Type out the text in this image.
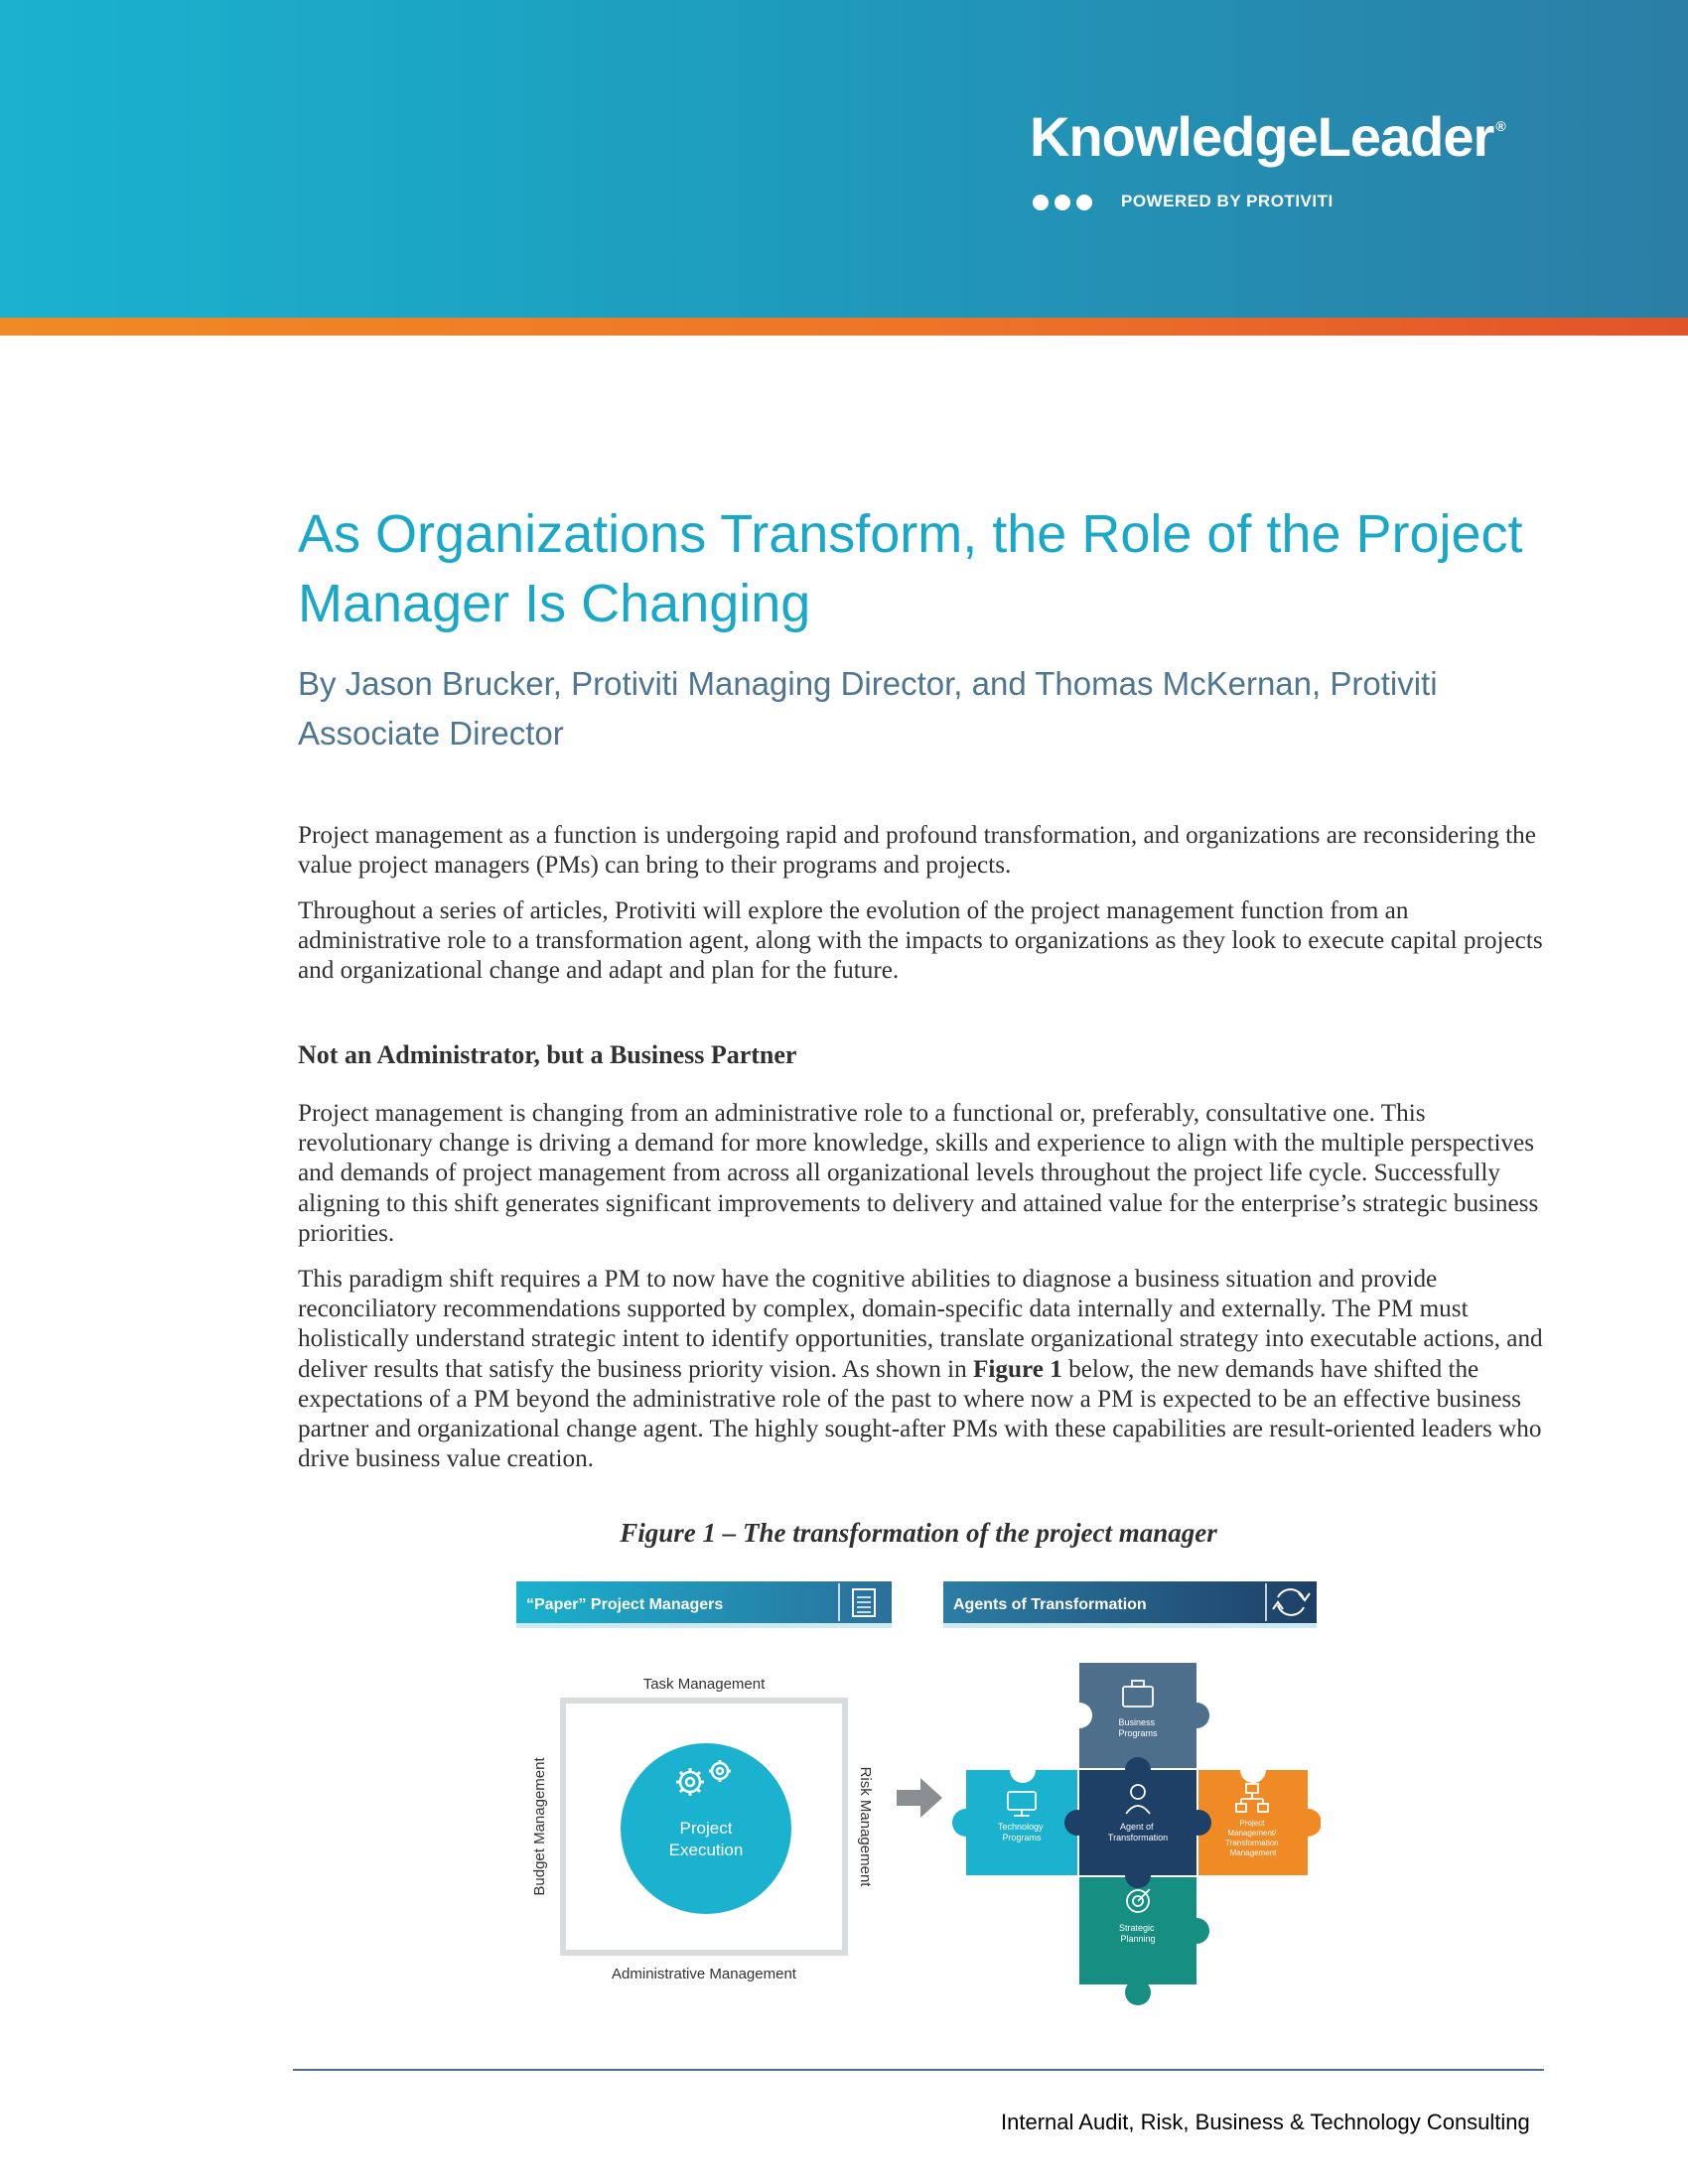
KnowledgeLeader ®
POWERED BY PROTIVITI
As Organizations Transform, the Role of the Project Manager Is Changing

By Jason Brucker, Protiviti Managing Director, and Thomas McKernan, Protiviti Associate Director

Project management as a function is undergoing rapid and profound transformation, and organizations are reconsidering the value project managers (PMs) can bring to their programs and projects.

Throughout a series of articles, Protiviti will explore the evolution of the project management function from an administrative role to a transformation agent, along with the impacts to organizations as they look to execute capital projects and organizational change and adapt and plan for the future.

Not an Administrator, but a Business Partner

Project management is changing from an administrative role to a functional or, preferably, consultative one. This revolutionary change is driving a demand for more knowledge, skills and experience to align with the multiple perspectives and demands of project management from across all organizational levels throughout the project life cycle. Successfully aligning to this shift generates significant improvements to delivery and attained value for the enterprise’s strategic business priorities.

This paradigm shift requires a PM to now have the cognitive abilities to diagnose a business situation and provide reconciliatory recommendations supported by complex, domain-specific data internally and externally. The PM must holistically understand strategic intent to identify opportunities, translate organizational strategy into executable actions, and deliver results that satisfy the business priority vision. As shown in Figure 1 below, the new demands have shifted the expectations of a PM beyond the administrative role of the past to where now a PM is expected to be an effective business partner and organizational change agent. The highly sought-after PMs with these capabilities are result-oriented leaders who drive business value creation.

Figure 1 – The transformation of the project manager

“Paper” Project Managers
Task Management
Administrative Management
Budget Management	Risk Management
Project
Execution
Agents of Transformation
Business Programs
Technology Programs
Agent of Transformation
Project Management/ Transformation Management
Strategic Planning
Internal Audit, Risk, Business & Technology Consulting
